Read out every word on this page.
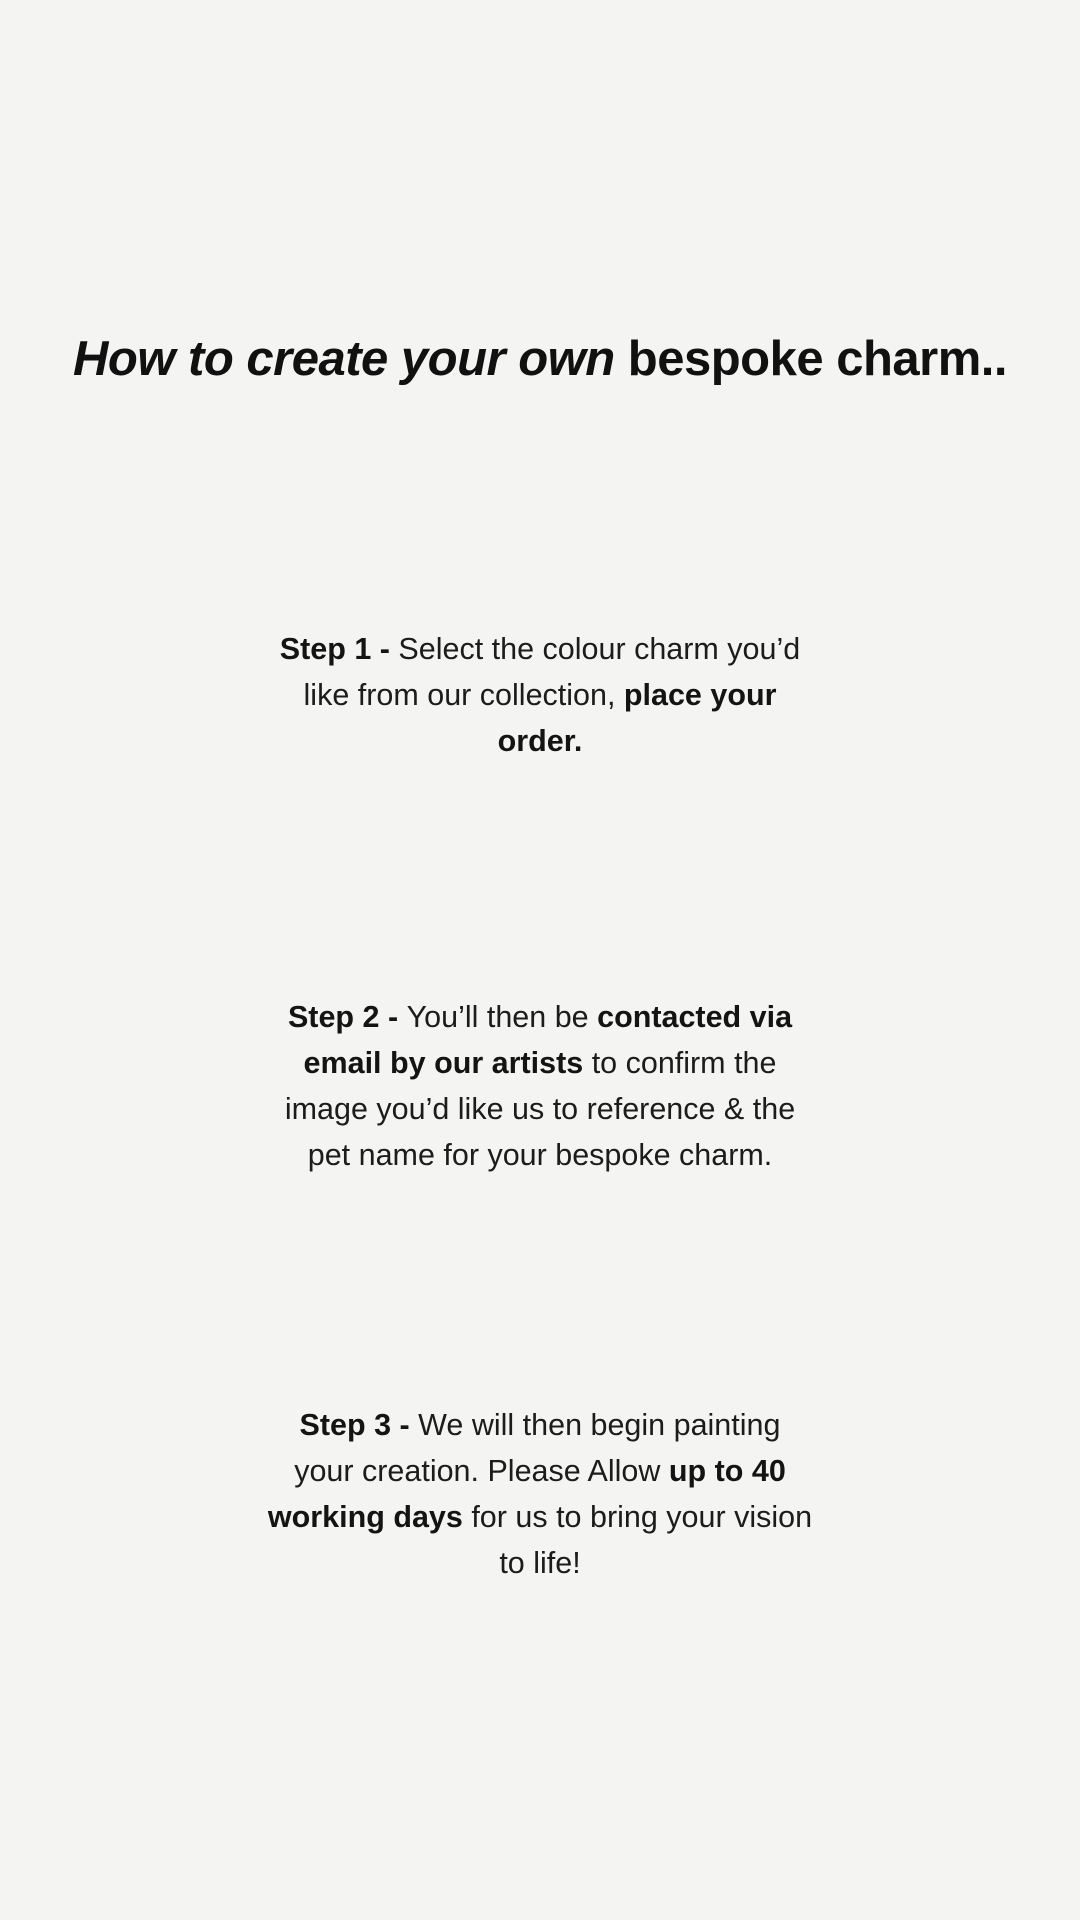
How to create your own bespoke charm..

Step 1 - Select the colour charm you’d
like from our collection, place your
order.

Step 2 - You’ll then be contacted via
email by our artists to confirm the
image you’d like us to reference & the
pet name for your bespoke charm.

Step 3 - We will then begin painting
your creation. Please Allow up to 40
working days for us to bring your vision
to life!
